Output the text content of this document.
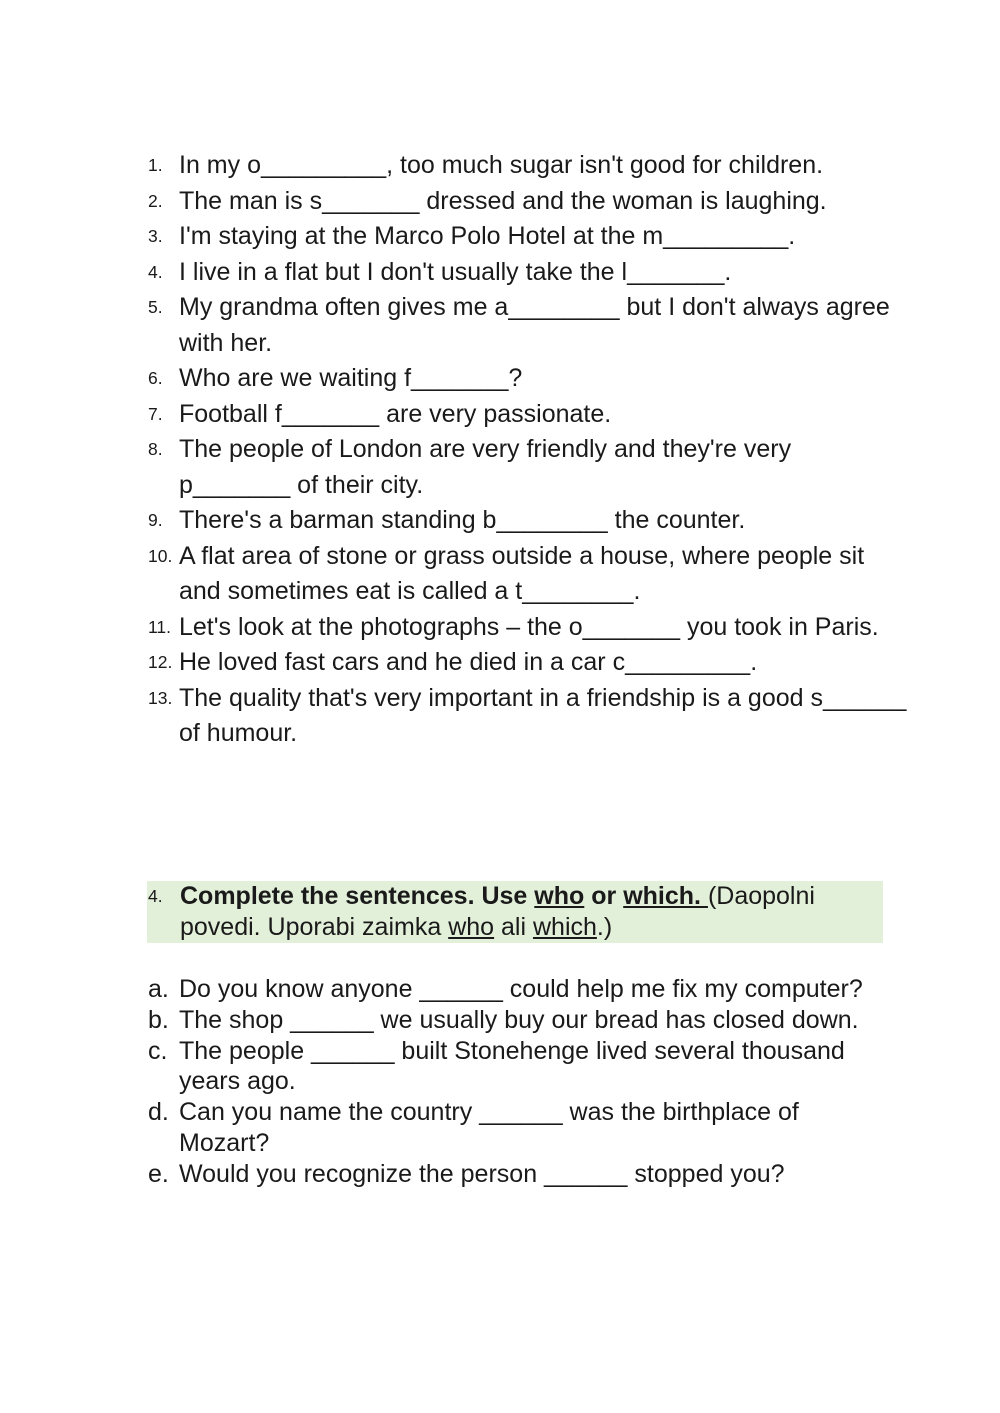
1. In my o_________, too much sugar isn't good for children.
2. The man is s_______ dressed and the woman is laughing.
3. I'm staying at the Marco Polo Hotel at the m_________.
4. I live in a flat but I don't usually take the l_______.
5. My grandma often gives me a________ but I don't always agree with her.
6. Who are we waiting f_______?
7. Football f_______ are very passionate.
8. The people of London are very friendly and they're very p_______ of their city.
9. There's a barman standing b________ the counter.
10. A flat area of stone or grass outside a house, where people sit and sometimes eat is called a t________.
11. Let's look at the photographs – the o_______ you took in Paris.
12. He loved fast cars and he died in a car c_________.
13. The quality that's very important in a friendship is a good s______ of humour.
4. Complete the sentences. Use who or which. (Daopolni povedi. Uporabi zaimka who ali which.)
a. Do you know anyone ______ could help me fix my computer?
b. The shop ______ we usually buy our bread has closed down.
c. The people ______ built Stonehenge lived several thousand years ago.
d. Can you name the country ______ was the birthplace of Mozart?
e. Would you recognize the person ______ stopped you?
